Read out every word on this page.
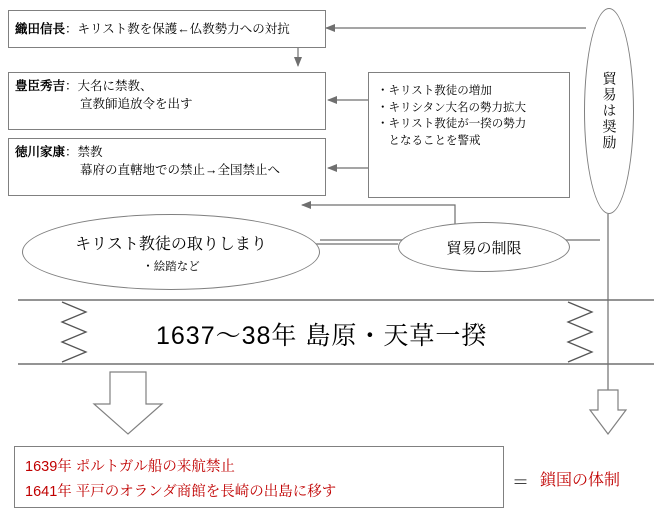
織田信長：キリスト教を保護←仏教勢力への対抗
豊臣秀吉：大名に禁教、
宣教師追放令を出す
徳川家康：禁教
幕府の直轄地での禁止→全国禁止へ
・キリスト教徒の増加
・キリシタン大名の勢力拡大
・キリスト教徒が一揆の勢力
　となることを警戒	貿易は奨励
キリスト教徒の取りしまり
・絵踏など
貿易の制限
1637〜38年 島原・天草一揆
1639年 ポルトガル船の来航禁止
1641年 平戸のオランダ商館を長崎の出島に移す
＝ 鎖国の体制
